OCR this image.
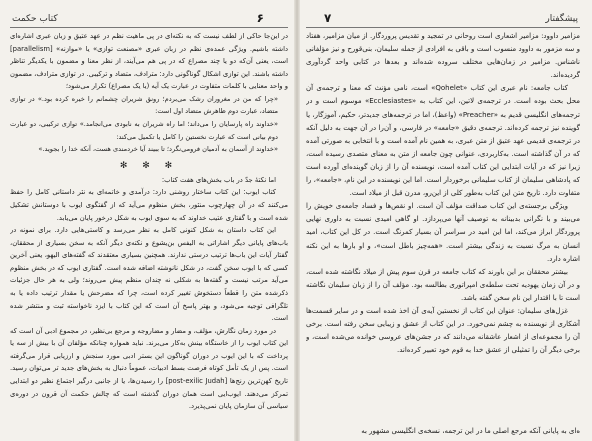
۶
کتاب حکمت

در این‌جا حاکی از لطف نیست که به نکته‌ای در پی ماهیت نظم در عهد عتیق و زبان عبری اشاره‌ای داشته باشیم. ویژگی عمده‌ی نظم در زبان عبری «مصنعت توازی» یا «موازنه» [parallelism] است، یعنی آن‌که دو یا چند مصراع که در پی هم می‌آیند، از نظر معنا و مضمون با یکدیگر تناظر داشته باشند. این توازی اشکال گوناگونی دارد: مترادف، متضاد و ترکیبی. در توازی مترادف، مضمون و واحد معنایی با کلمات متفاوت در عبارت یک آیه (یا یک مصراع) تکرار می‌شود؛

«چرا که من در مغروران رشک می‌بردم؛ رونق شریران چشمانم را خیره کرده بود.» در توازی متضاد، عبارت دوم ظاهرش متضاد اول است:

«خداوند راه پارسایان را می‌داند؛ اما راه شریران به نابودی می‌انجامد.» توازی ترکیبی، دو عبارت دوم بیانی است که عبارت نخستین را کامل یا تکمیل می‌کند:

«خداوند از آسمان به آدمیان فرومی‌نگرد؛ تا ببیند آیا خردمندی هست، آنکه خدا را بجوید.»

✻ ✻ ✻

اما نکتهٔ جدّ در باب بخش‌های هفت کتاب:

کتاب ایوب: این کتاب ساختار روشنی دارد: درآمدی و خاتمه‌ای به نثر داستانی کامل را حفظ می‌کنند که در آن چهارچوب منثور، بخش منظوم می‌آید که از گفتگوی ایوب با دوستانش تشکیل شده است و با گفتاری عتیب خداوند که به سوی ایوب به شکل درخور پایان می‌یابد.

این کتاب داستان به شکل کنونی کامل به نظر می‌رسد و کاستی‌هایی دارد. برای نمونه در باب‌های پایانی دیگر اشاراتی به الیفس بن‌یشوع و نکته‌ی دیگر آنکه به سخن بسیاری از محققان، گفتار آیات این باب‌ها ترتیب درستی ندارند. همچنین بسیاری معتقدند که گفته‌های الیهو، یعنی آخرین کسی که با ایوب سخن گفت، در شکل نانوشته اضافه شده است. گفتاری ایوب که در بخش منظوم می‌آید مرتب نیست و گفته‌ها به شکلی نه چندان منظم پیش می‌روند؛ ولی به هر حال جزئیات ذکرشده متن را قطعاً دستخوش تغییر کرده است، چرا که مضرحش یا مقدار ترتیب داده یا به تلگرافی توجیه می‌شود، و بهتر پاسخ آن است که این کتاب با ایزد ناخواسته ثبت و منتشر شده است.

در مورد زمان نگارش، مؤلف، و مضار و مضاروجه و مرجع بی‌نظیر، در مجموع ادبی آن است که این کتاب ایوب را از خاستگاه بینش به‌کار می‌برند. نباید همواره چنانکه مؤلفان آن با بیش از سه یا پرداخت که با این ایوب در دوران گوناگون این بستر ادبی مورد سنجش و ارزیابی قرار می‌گرفته است. پس از یک تأمل کوتاه فرصت بسط ادبیات، عموماً دنبال به بخش‌های جدید تر می‌توان رسید. تاریخ کهن‌ترین رنج‌ها [post-exilic Judah] را رسیدن‌ها، یا از جانبی درگیر اجتماع نظیر دو ابتدایی تمرکز می‌دهند. ایوب‌ایی است همان دوران گذشته است که چالش حکمت آن قرون در دوره‌ی سیاسی آن سازمان پایان نمی‌پذیرد.

۷	پیشگفتار

مزامیر داوود: مزامیر اشعاری است روحانی در تمجید و تقدیس پروردگار. از میان مزامیر، هفتاد و سه مزمور به داوود منسوب است و باقی به افرادی از جمله سلیمان، بنی‌قورح و نیز مؤلفانی ناشناس. مزامیر در زمان‌هایی مختلف سروده شده‌اند و بعدها در کتابی واحد گردآوری گردیده‌اند.

کتاب جامعه: نام عبری این کتاب «Qohelet» است، نامی مؤنث که معنا و ترجمه‌ی آن محل بحث بوده است. در ترجمه‌ی لاتین، این کتاب به «Ecclesiastes» موسوم است و در ترجمه‌های انگلیسی قدیم به «Preacher» (واعظ)، اما در ترجمه‌های جدیدتر، حکیم، آموزگار، یا گوینده نیز ترجمه کرده‌اند. ترجمه‌ی دقیق «جامعه» در فارسی، و آن‌را در آن جهت به دلیل آنکه در ترجمه‌ی قدیمی عهد عتیق از متن عبری، به همین نام آمده است و با انتخابی به صورتی آمده که در آن گذاشته است. به‌کاربردی، عنوانی چون جامعه از متن به معنای متصدی رسیده است، زیرا نیز که در آیات ابتدایی این کتاب آمده است، نویسنده آن را از زبان گوینده‌ای آورده است که پادشاهی سلیمان از کتاب سلیمانی برخوردار است. اما این نویسنده در این نام، «جامعه»، را متفاوت دارد. تاریخ متن این کتاب به‌طور کلی از این‌رو، مدرن قبل از میلاد است.

ویژگی برجسته‌ی این کتاب صداقت مؤلف آن است. او نقص‌ها و فساد جامعه‌ی خویش را می‌بیند و با نگرانی بدبینانه به توصیف آنها می‌پردازد. او گاهی امیدی نسبت به داوری نهایی پروردگار ابراز می‌کند، اما این امید در سراسر آن بسیار کمرنگ است. در کل این کتاب، امید انسان به مرگ نسبت به زندگی بیشتر است. «همه‌چیز باطل است»، و او بارها به این نکته اشاره دارد.

بیشتر محققان بر این باورند که کتاب جامعه در قرن سوم پیش از میلاد نگاشته شده است، و در آن زمان یهودیه تحت سلطه‌ی امپراتوری بطالسه بود. مؤلف آن را از زبان سلیمان نگاشته است تا با اقتدار این نام سخن گفته باشد.

غزل‌های سلیمان: عنوان این کتاب از نخستین آیه‌ی آن اخذ شده است و در سایر قسمت‌ها آشکاری از نویسنده به چشم نمی‌خورد. در این کتاب از عشق و زیبایی سخن رفته است. برخی آن را مجموعه‌ای از اشعار عاشقانه می‌دانند که در جشن‌های عروسی خوانده می‌شده است، و برخی دیگر آن را تمثیلی از عشق خدا به قوم خود تعبیر کرده‌اند.

ه‌ای به پایانی آنکه مرجع اصلی ما در این ترجمه، نسخه‌ی انگلیسی مشهور به
